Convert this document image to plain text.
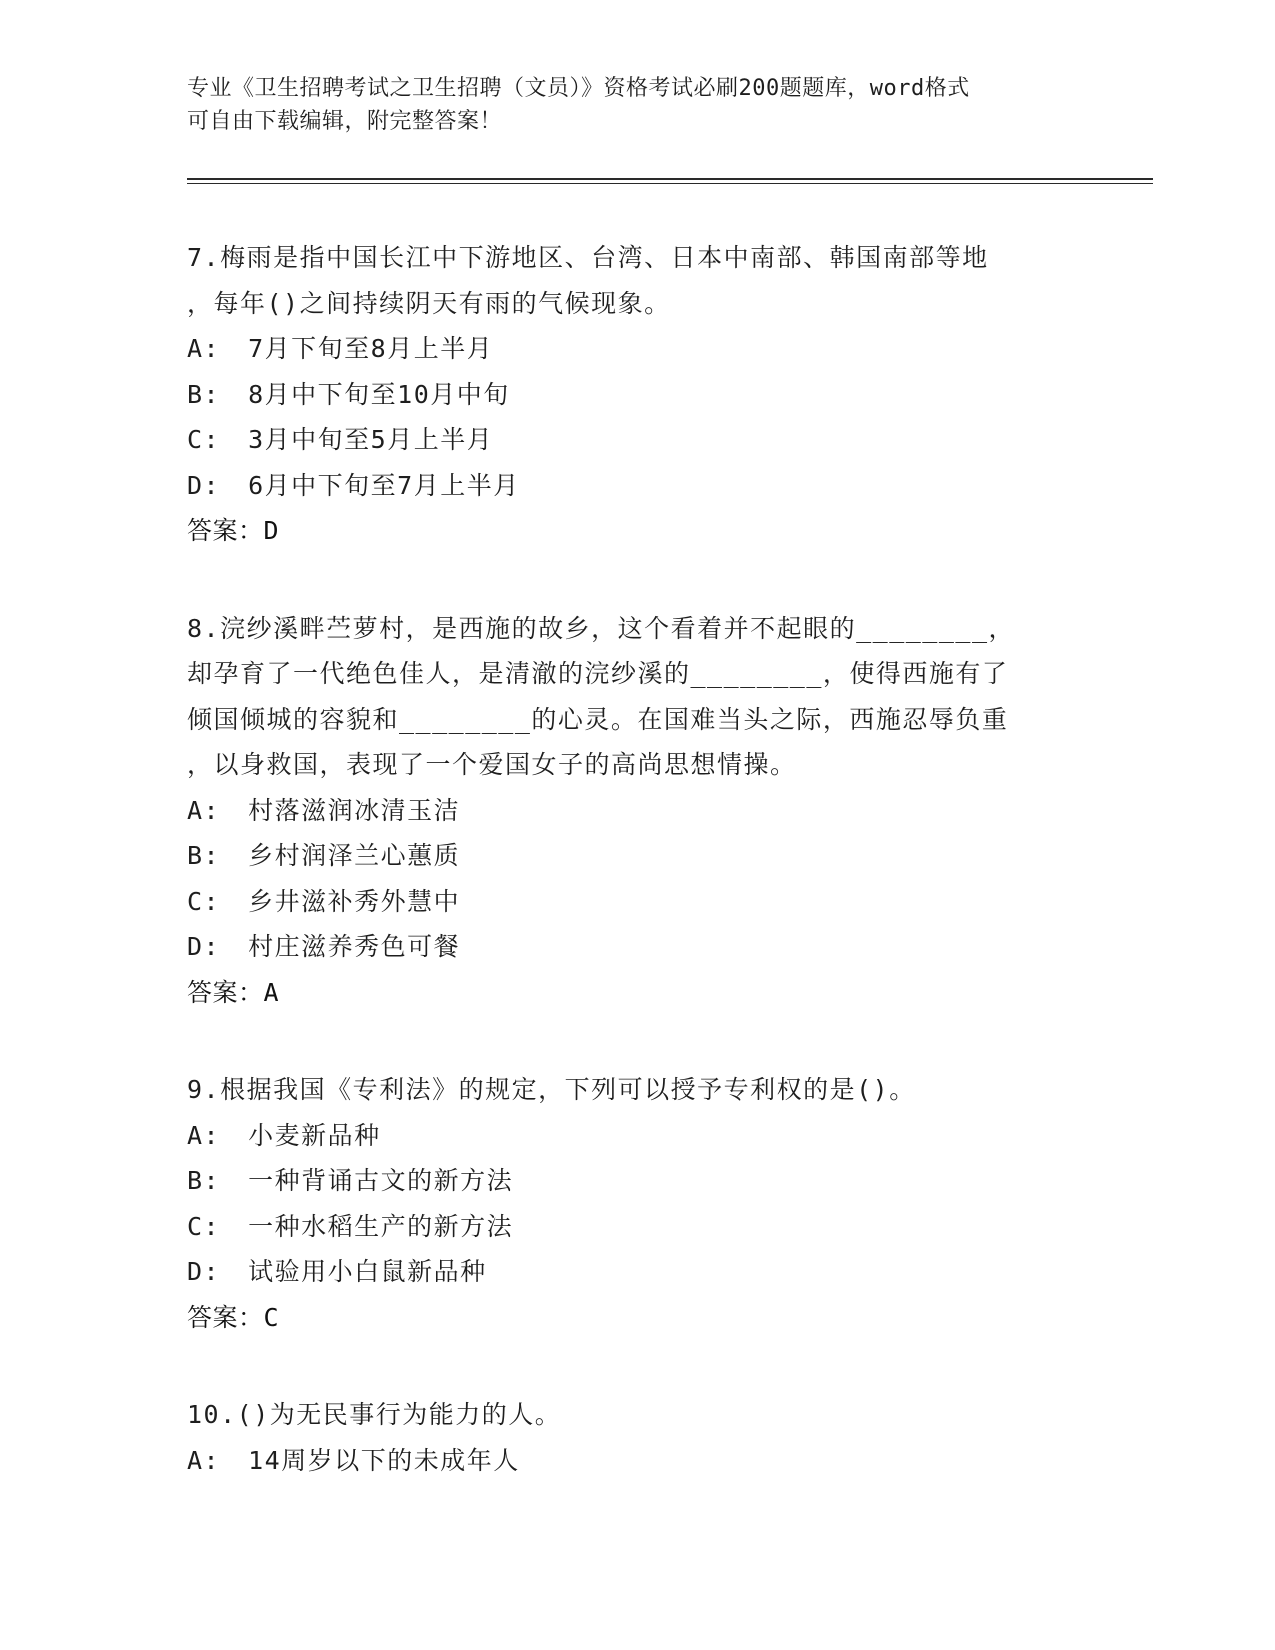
专业《卫生招聘考试之卫生招聘（文员）》资格考试必刷200题题库，word格式
可自由下载编辑，附完整答案！
7.梅雨是指中国长江中下游地区、台湾、日本中南部、韩国南部等地
，每年()之间持续阴天有雨的气候现象。
A: 7月下旬至8月上半月
B: 8月中下旬至10月中旬
C: 3月中旬至5月上半月
D: 6月中下旬至7月上半月
答案：D
8.浣纱溪畔苎萝村，是西施的故乡，这个看着并不起眼的________，
却孕育了一代绝色佳人，是清澈的浣纱溪的________，使得西施有了
倾国倾城的容貌和________的心灵。在国难当头之际，西施忍辱负重
，以身救国，表现了一个爱国女子的高尚思想情操。
A: 村落滋润冰清玉洁
B: 乡村润泽兰心蕙质
C: 乡井滋补秀外慧中
D: 村庄滋养秀色可餐
答案：A
9.根据我国《专利法》的规定，下列可以授予专利权的是()。
A: 小麦新品种
B: 一种背诵古文的新方法
C: 一种水稻生产的新方法
D: 试验用小白鼠新品种
答案：C
10.()为无民事行为能力的人。
A: 14周岁以下的未成年人
